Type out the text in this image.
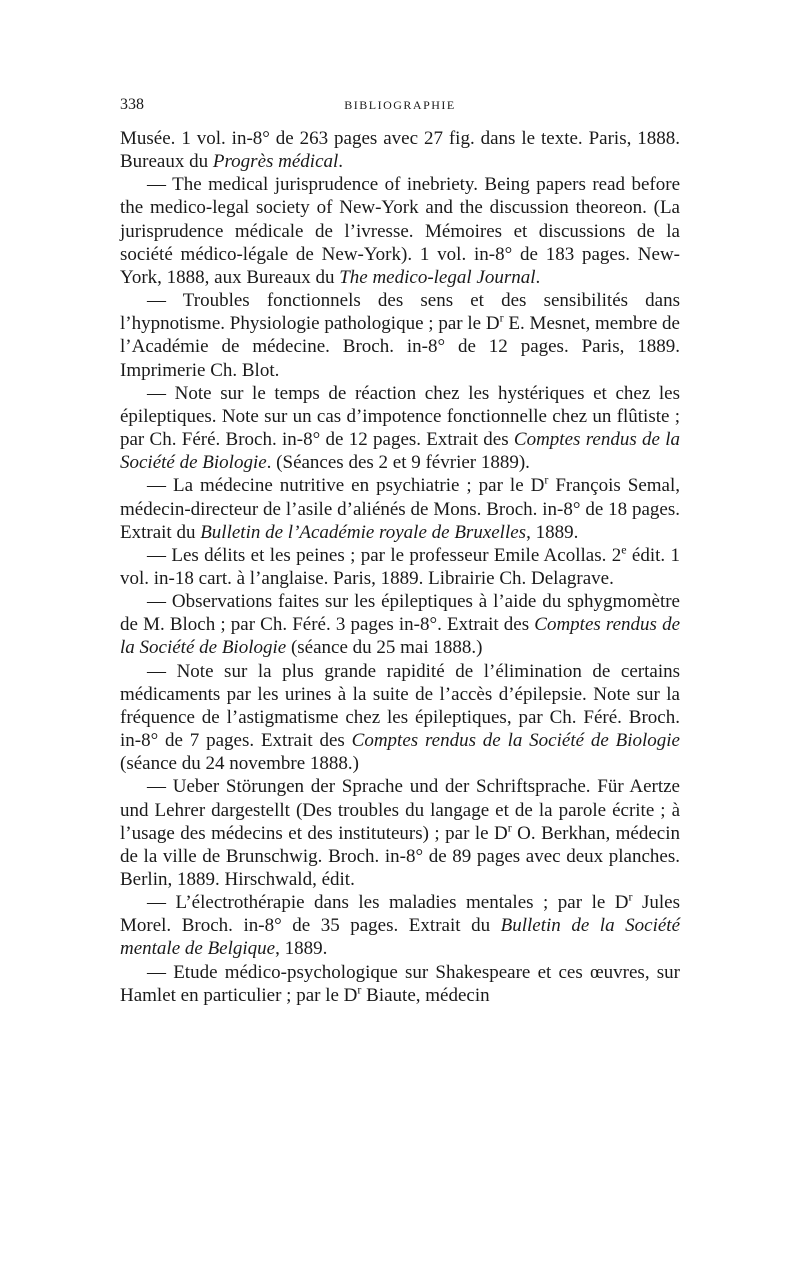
338	BIBLIOGRAPHIE

Musée. 1 vol. in-8° de 263 pages avec 27 fig. dans le texte. Paris, 1888. Bureaux du Progrès médical.

— The medical jurisprudence of inebriety. Being papers read before the medico-legal society of New-York and the discussion theoreon. (La jurisprudence médicale de l’ivresse. Mémoires et discussions de la société médico-légale de New-York). 1 vol. in-8° de 183 pages. New-York, 1888, aux Bureaux du The medico-legal Journal.

— Troubles fonctionnels des sens et des sensibilités dans l’hypnotisme. Physiologie pathologique ; par le $D^r$ E. Mesnet, membre de l’Académie de médecine. Broch. in-8° de 12 pages. Paris, 1889. Imprimerie Ch. Blot.

— Note sur le temps de réaction chez les hystériques et chez les épileptiques. Note sur un cas d’impotence fonctionnelle chez un flûtiste ; par Ch. Féré. Broch. in-8° de 12 pages. Extrait des Comptes rendus de la Société de Biologie. (Séances des 2 et 9 février 1889).

— La médecine nutritive en psychiatrie ; par le $D^r$ François Semal, médecin-directeur de l’asile d’aliénés de Mons. Broch. in-8° de 18 pages. Extrait du Bulletin de l’Académie royale de Bruxelles, 1889.

— Les délits et les peines ; par le professeur Emile Acollas. 2e édit. 1 vol. in-18 cart. à l’anglaise. Paris, 1889. Librairie Ch. Delagrave.

— Observations faites sur les épileptiques à l’aide du sphygmomètre de M. Bloch ; par Ch. Féré. 3 pages in-8°. Extrait des Comptes rendus de la Société de Biologie (séance du 25 mai 1888.)

— Note sur la plus grande rapidité de l’élimination de certains médicaments par les urines à la suite de l’accès d’épilepsie. Note sur la fréquence de l’astigmatisme chez les épileptiques, par Ch. Féré. Broch. in-8° de 7 pages. Extrait des Comptes rendus de la Société de Biologie (séance du 24 novembre 1888.)

— Ueber Störungen der Sprache und der Schriftsprache. Für Aertze und Lehrer dargestellt (Des troubles du langage et de la parole écrite ; à l’usage des médecins et des instituteurs) ; par le $D^r$ O. Berkhan, médecin de la ville de Brunschwig. Broch. in-8° de 89 pages avec deux planches. Berlin, 1889. Hirschwald, édit.

— L’électrothérapie dans les maladies mentales ; par le $D^r$ Jules Morel. Broch. in-8° de 35 pages. Extrait du Bulletin de la Société mentale de Belgique, 1889.

— Etude médico-psychologique sur Shakespeare et ces œuvres, sur Hamlet en particulier ; par le $D^r$ Biaute, médecin
